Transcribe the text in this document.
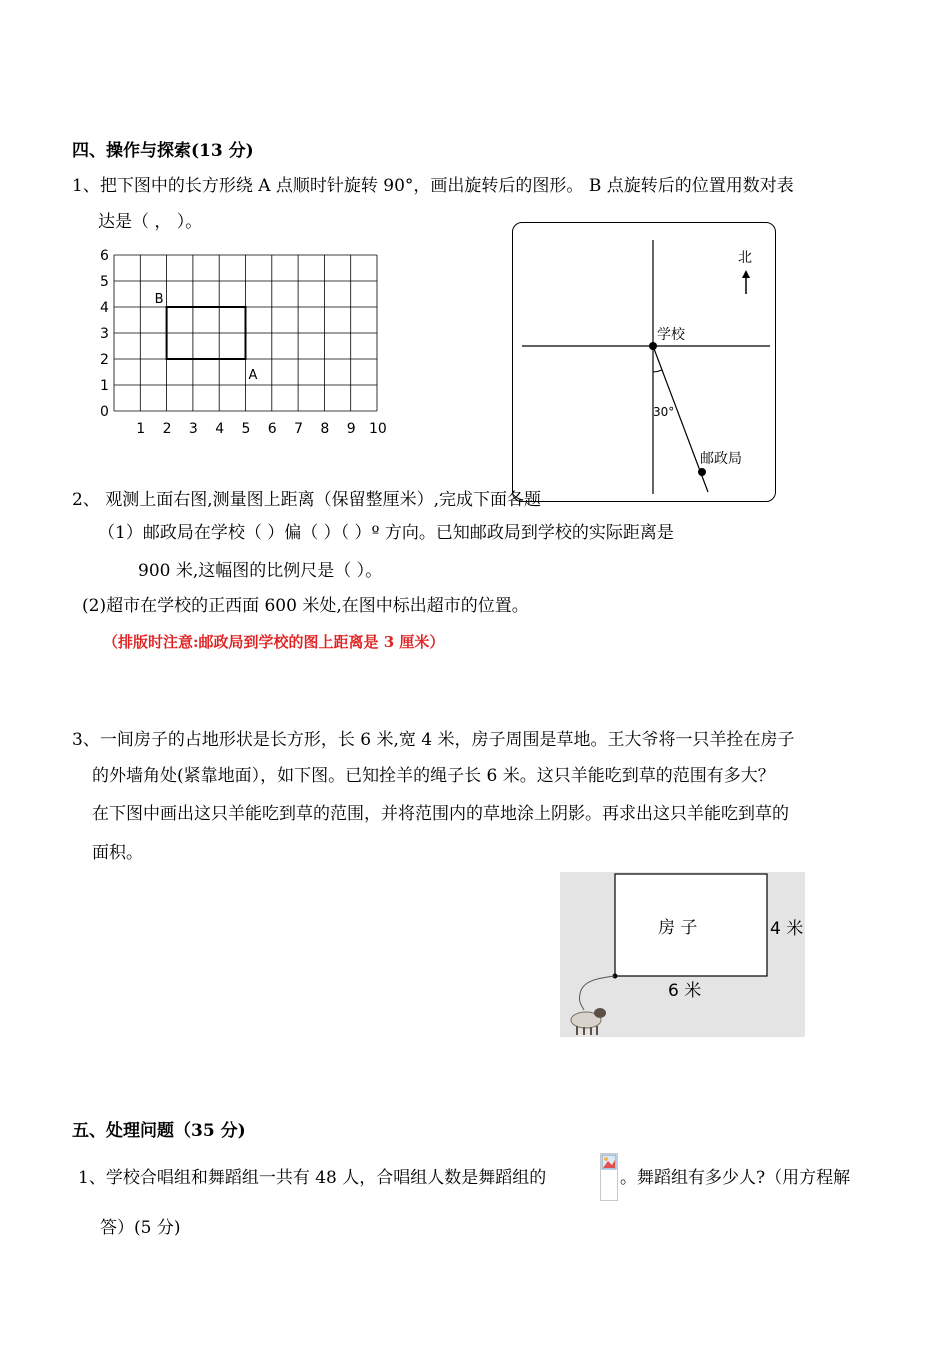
四、操作与探索(13 分)
1、把下图中的长方形绕 A 点顺时针旋转 90°，画出旋转后的图形。 B 点旋转后的位置用数对表
达是（ ， ）。
1 2 3 4 5 6 7 8 9 10
0
1
2
3
4
5
6
B
A
北
学校
30°
邮政局
2、 观测上面右图,测量图上距离（保留整厘米）,完成下面各题
（1）邮政局在学校（ ）偏（ ）（ ）º 方向。已知邮政局到学校的实际距离是
900 米,这幅图的比例尺是（ ）。
(2)超市在学校的正西面 600 米处,在图中标出超市的位置。
（排版时注意:邮政局到学校的图上距离是 3 厘米）
3、一间房子的占地形状是长方形，长 6 米,宽 4 米，房子周围是草地。王大爷将一只羊拴在房子
的外墙角处(紧靠地面），如下图。已知拴羊的绳子长 6 米。这只羊能吃到草的范围有多大？
在下图中画出这只羊能吃到草的范围，并将范围内的草地涂上阴影。再求出这只羊能吃到草的
面积。
房 子	4 米
6 米
五、处理问题（35 分)
1、学校合唱组和舞蹈组一共有 48 人，合唱组人数是舞蹈组的	。舞蹈组有多少人?（用方程解
答）(5 分)
